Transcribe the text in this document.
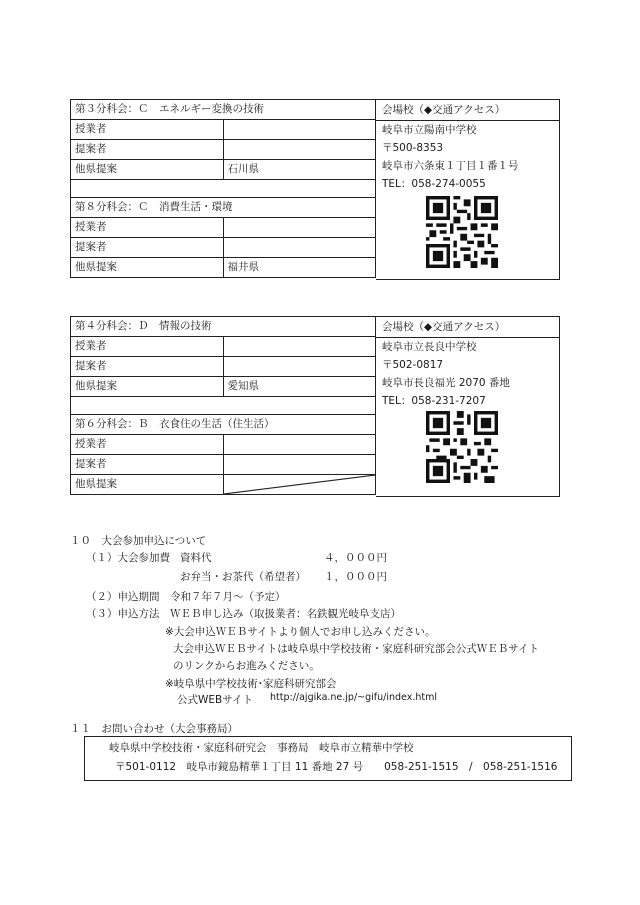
第３分科会：Ｃ　エネルギー変換の技術	
授業者	
提案者	
他県提案	石川県

第８分科会：Ｃ　消費生活・環境	
授業者	
提案者	
他県提案	福井県
会場校（◆交通アクセス）
岐阜市立陽南中学校
〒500-8353
岐阜市六条東１丁目１番１号
TEL：058-274-0055
第４分科会：Ｄ　情報の技術	
授業者	
提案者	
他県提案	愛知県

第６分科会：Ｂ　衣食住の生活（住生活）	
授業者	
提案者	
他県提案	
会場校（◆交通アクセス）
岐阜市立長良中学校
〒502-0817
岐阜市長良福光 2070 番地
TEL：058-231-7207
１０　大会参加申込について
（１）大会参加費 資料代	４，０００円
お弁当・お茶代（希望者） １，０００円
（２）申込期間　令和７年７月～（予定）
（３）申込方法　ＷＥＢ申し込み（取扱業者：名鉄観光岐阜支店）
※大会申込ＷＥＢサイトより個人でお申し込みください。
大会申込ＷＥＢサイトは岐阜県中学校技術・家庭科研究部会公式ＷＥＢサイト
のリンクからお進みください。
※岐阜県中学校技術･家庭科研究部会
公式WEBサイト http://ajgika.ne.jp/~gifu/index.html
１１　お問い合わせ（大会事務局）
岐阜県中学校技術・家庭科研究会　事務局　岐阜市立精華中学校
〒501-0112　岐阜市鏡島精華１丁目 11 番地 27 号　　058-251-1515　/　058-251-1516
